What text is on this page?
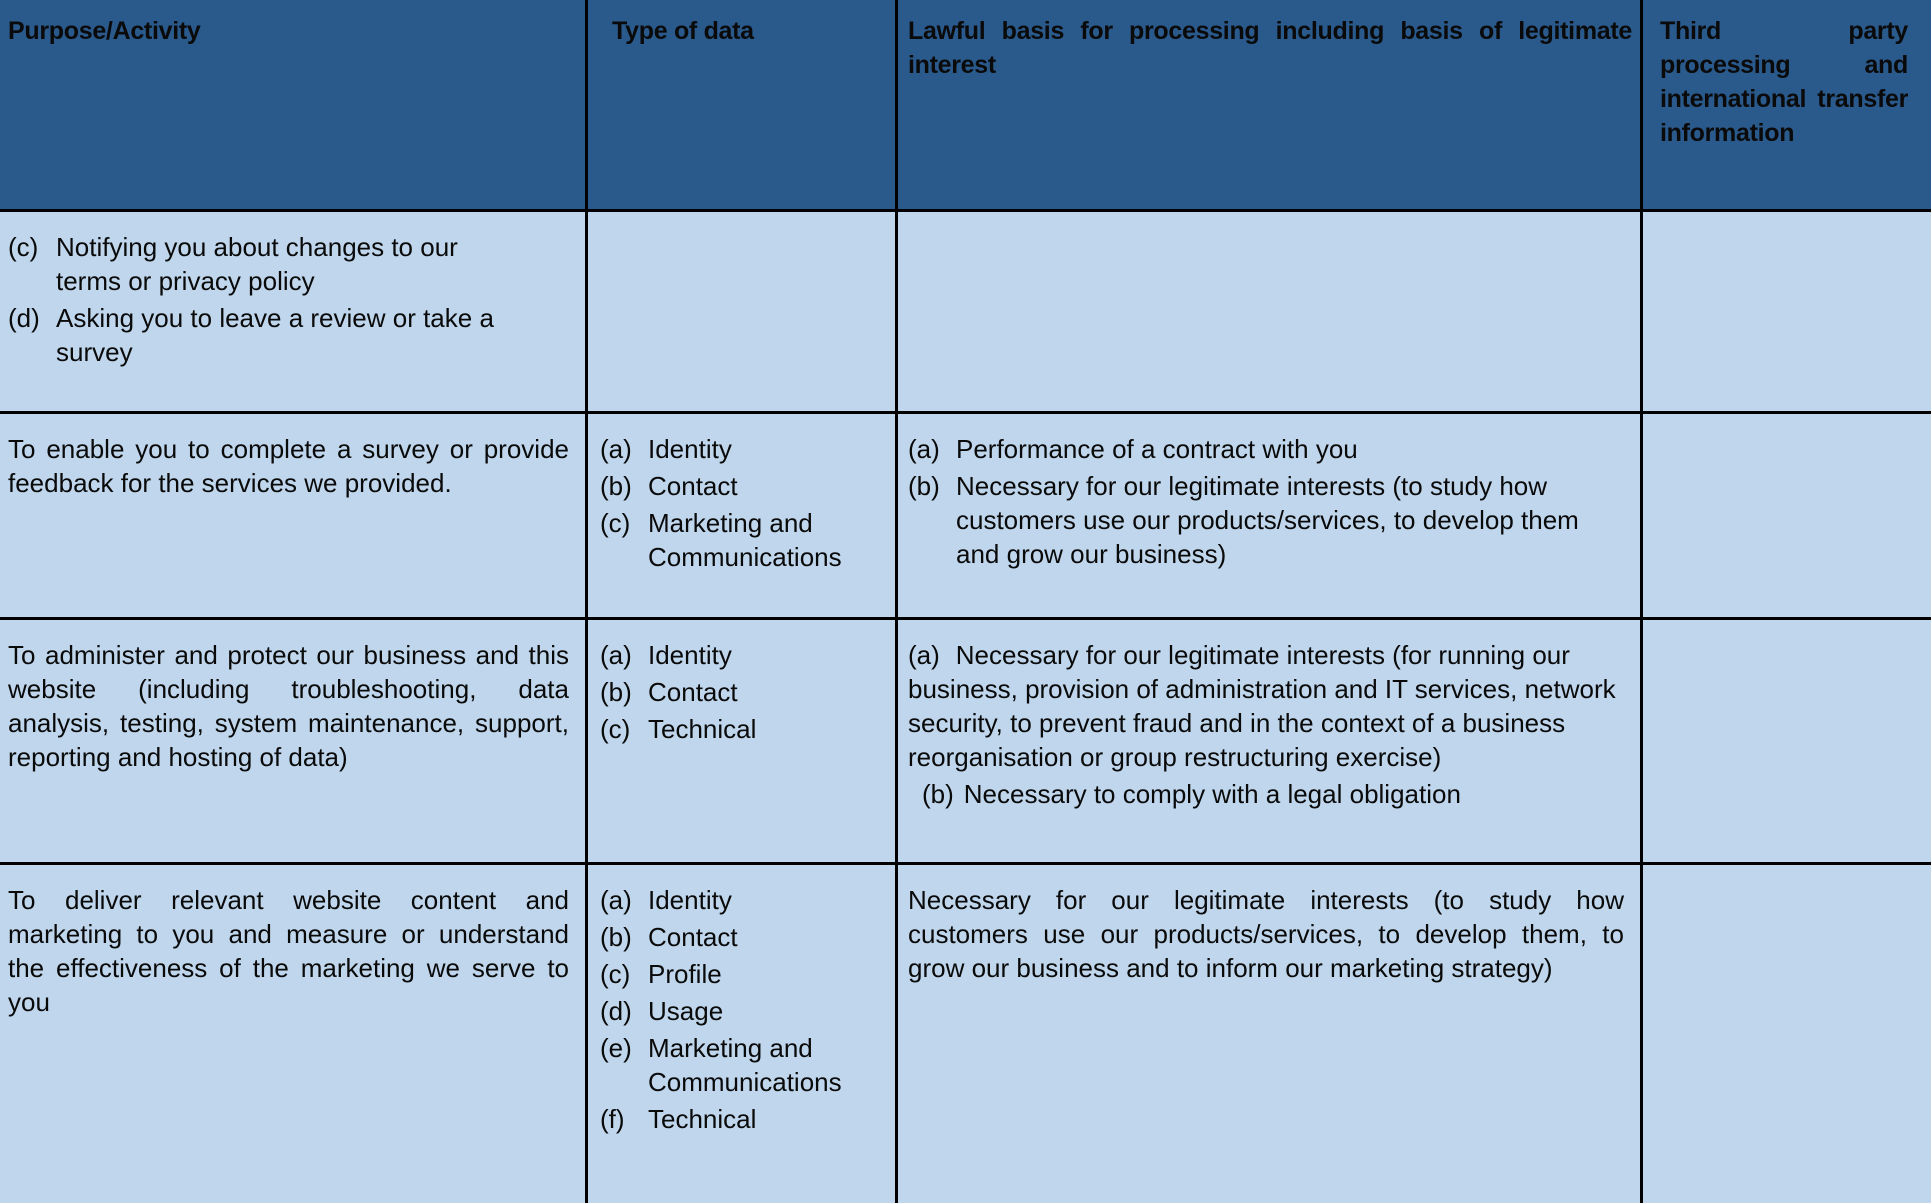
Purpose/Activity	Type of data	Lawful basis for processing including basis of legitimate interest
Third party processing and international transfer information
(c) Notifying you about changes to our terms or privacy policy
(d) Asking you to leave a review or take a survey
To enable you to complete a survey or provide feedback for the services we provided.
(a) Identity
(b) Contact
(c) Marketing and Communications
(a) Performance of a contract with you
(b) Necessary for our legitimate interests (to study how customers use our products/services, to develop them and grow our business)
To administer and protect our business and this website (including troubleshooting, data analysis, testing, system maintenance, support, reporting and hosting of data)
(a) Identity
(b) Contact
(c) Technical

(a) Necessary for our legitimate interests (for running our business, provision of administration and IT services, network security, to prevent fraud and in the context of a business reorganisation or group restructuring exercise)

(b) Necessary to comply with a legal obligation

To deliver relevant website content and marketing to you and measure or understand the effectiveness of the marketing we serve to you
(a) Identity
(b) Contact
(c) Profile
(d) Usage
(e) Marketing and Communications
(f) Technical
Necessary for our legitimate interests (to study how customers use our products/services, to develop them, to grow our business and to inform our marketing strategy)
